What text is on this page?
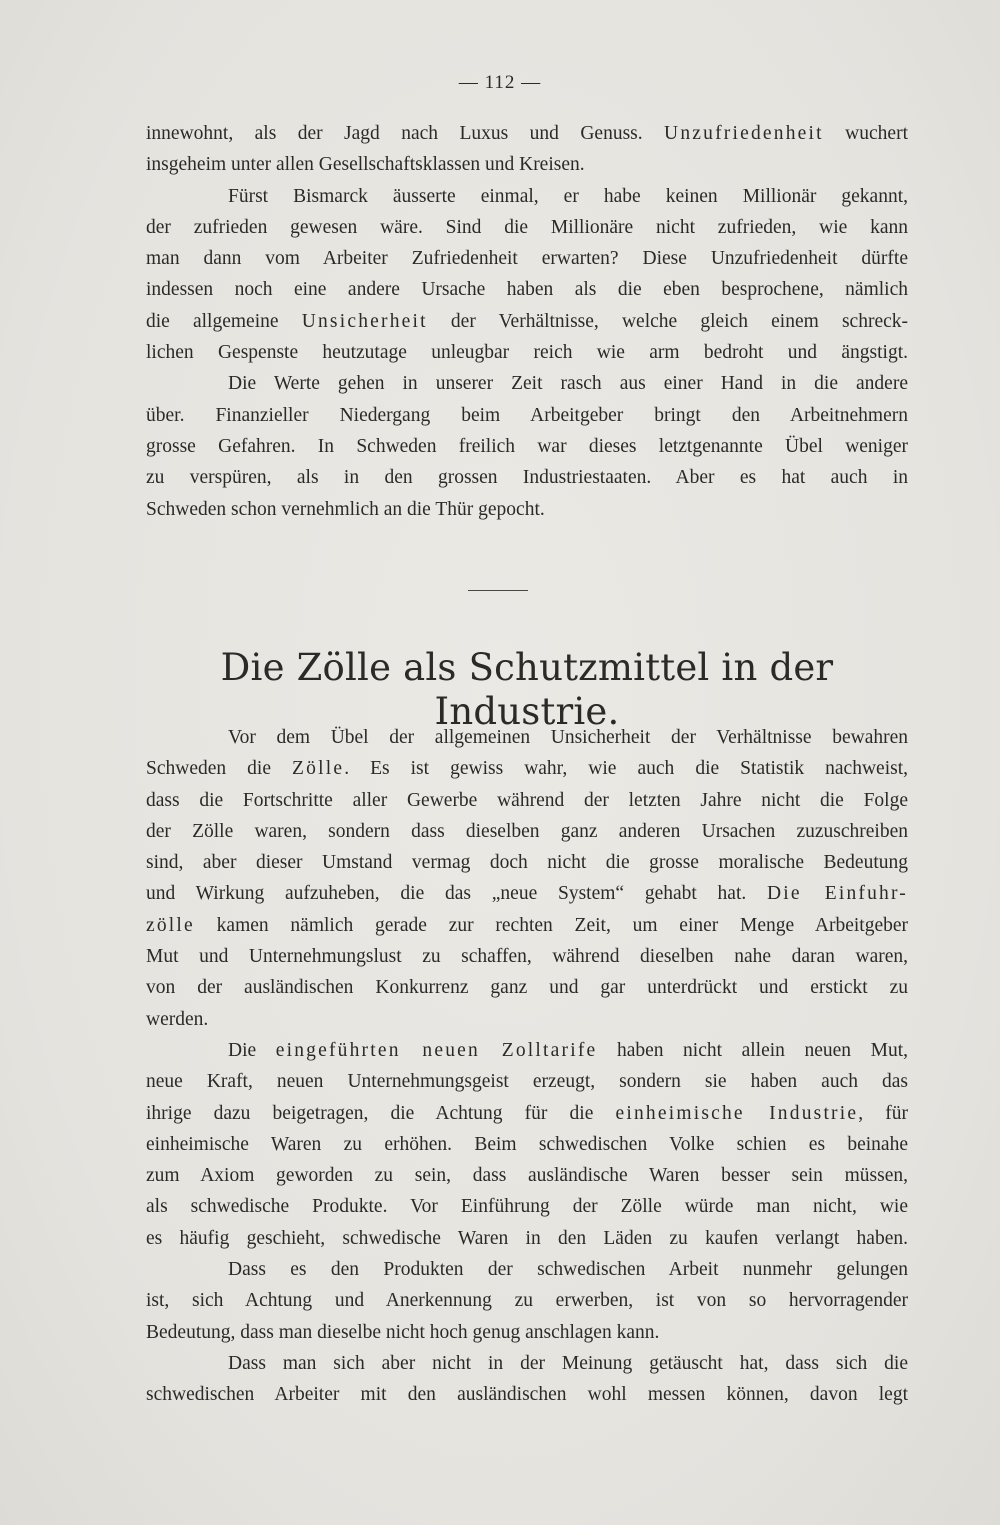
— 112 —
innewohnt, als der Jagd nach Luxus und Genuss. Unzufriedenheit wuchert
insgeheim unter allen Gesellschaftsklassen und Kreisen.
Fürst Bismarck äusserte einmal, er habe keinen Millionär gekannt,
der zufrieden gewesen wäre. Sind die Millionäre nicht zufrieden, wie kann
man dann vom Arbeiter Zufriedenheit erwarten? Diese Unzufriedenheit dürfte
indessen noch eine andere Ursache haben als die eben besprochene, nämlich
die allgemeine Unsicherheit der Verhältnisse, welche gleich einem schreck-
lichen Gespenste heutzutage unleugbar reich wie arm bedroht und ängstigt.
Die Werte gehen in unserer Zeit rasch aus einer Hand in die andere
über. Finanzieller Niedergang beim Arbeitgeber bringt den Arbeitnehmern
grosse Gefahren. In Schweden freilich war dieses letztgenannte Übel weniger
zu verspüren, als in den grossen Industriestaaten. Aber es hat auch in
Schweden schon vernehmlich an die Thür gepocht.
Die Zölle als Schutzmittel in der Industrie.
Vor dem Übel der allgemeinen Unsicherheit der Verhältnisse bewahren
Schweden die Zölle. Es ist gewiss wahr, wie auch die Statistik nachweist,
dass die Fortschritte aller Gewerbe während der letzten Jahre nicht die Folge
der Zölle waren, sondern dass dieselben ganz anderen Ursachen zuzuschreiben
sind, aber dieser Umstand vermag doch nicht die grosse moralische Bedeutung
und Wirkung aufzuheben, die das „neue System“ gehabt hat. Die Einfuhr-
zölle kamen nämlich gerade zur rechten Zeit, um einer Menge Arbeitgeber
Mut und Unternehmungslust zu schaffen, während dieselben nahe daran waren,
von der ausländischen Konkurrenz ganz und gar unterdrückt und erstickt zu
werden.
Die eingeführten neuen Zolltarife haben nicht allein neuen Mut,
neue Kraft, neuen Unternehmungsgeist erzeugt, sondern sie haben auch das
ihrige dazu beigetragen, die Achtung für die einheimische Industrie, für
einheimische Waren zu erhöhen. Beim schwedischen Volke schien es beinahe
zum Axiom geworden zu sein, dass ausländische Waren besser sein müssen,
als schwedische Produkte. Vor Einführung der Zölle würde man nicht, wie
es häufig geschieht, schwedische Waren in den Läden zu kaufen verlangt haben.
Dass es den Produkten der schwedischen Arbeit nunmehr gelungen
ist, sich Achtung und Anerkennung zu erwerben, ist von so hervorragender
Bedeutung, dass man dieselbe nicht hoch genug anschlagen kann.
Dass man sich aber nicht in der Meinung getäuscht hat, dass sich die
schwedischen Arbeiter mit den ausländischen wohl messen können, davon legt
